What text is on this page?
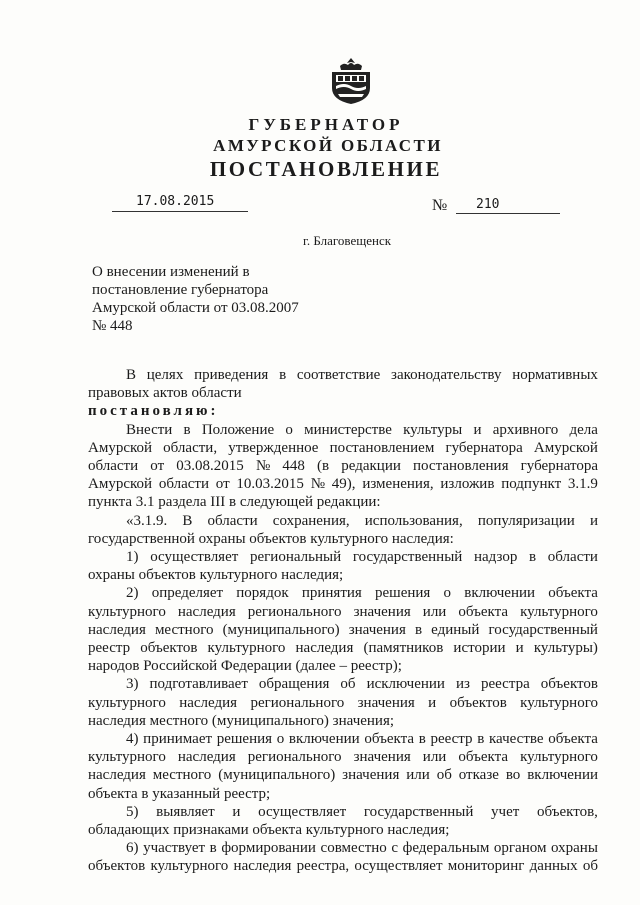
ГУБЕРНАТОР
АМУРСКОЙ ОБЛАСТИ
ПОСТАНОВЛЕНИЕ
17.08.2015	№ 210
г. Благовещенск
О внесении изменений в
постановление губернатора
Амурской области от 03.08.2007
№ 448
В целях приведения в соответствие законодательству нормативных
правовых актов области
постановляю:
Внести в Положение о министерстве культуры и архивного дела
Амурской области, утвержденное постановлением губернатора Амурской
области от 03.08.2015 № 448 (в редакции постановления губернатора
Амурской области от 10.03.2015 № 49), изменения, изложив подпункт 3.1.9
пункта 3.1 раздела III в следующей редакции:
«3.1.9. В области сохранения, использования, популяризации и
государственной охраны объектов культурного наследия:
1) осуществляет региональный государственный надзор в области
охраны объектов культурного наследия;
2) определяет порядок принятия решения о включении объекта
культурного наследия регионального значения или объекта культурного
наследия местного (муниципального) значения в единый государственный
реестр объектов культурного наследия (памятников истории и культуры)
народов Российской Федерации (далее – реестр);
3) подготавливает обращения об исключении из реестра объектов
культурного наследия регионального значения и объектов культурного
наследия местного (муниципального) значения;
4) принимает решения о включении объекта в реестр в качестве объекта
культурного наследия регионального значения или объекта культурного
наследия местного (муниципального) значения или об отказе во включении
объекта в указанный реестр;
5) выявляет и осуществляет государственный учет объектов,
обладающих признаками объекта культурного наследия;
6) участвует в формировании совместно с федеральным органом охраны
объектов культурного наследия реестра, осуществляет мониторинг данных об
